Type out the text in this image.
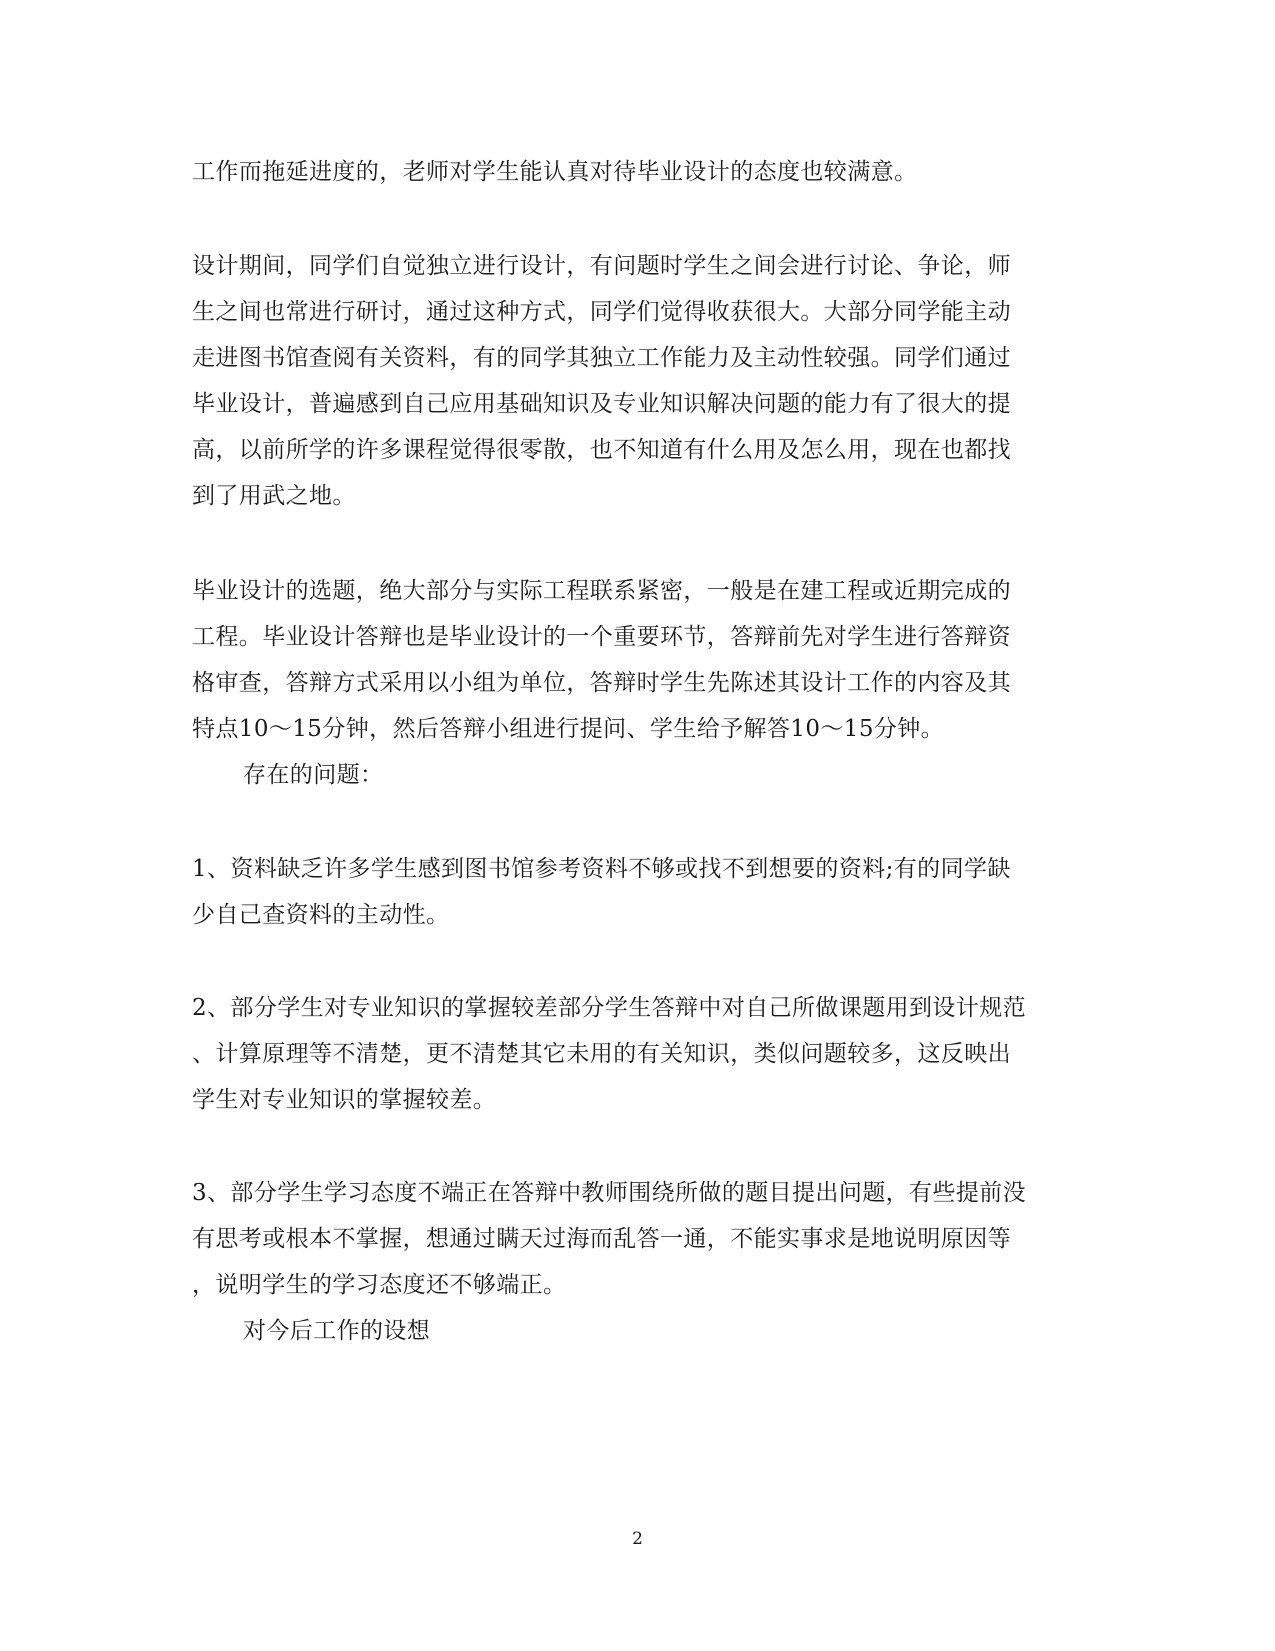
工作而拖延进度的，老师对学生能认真对待毕业设计的态度也较满意。
设计期间，同学们自觉独立进行设计，有问题时学生之间会进行讨论、争论，师
生之间也常进行研讨，通过这种方式，同学们觉得收获很大。大部分同学能主动
走进图书馆查阅有关资料，有的同学其独立工作能力及主动性较强。同学们通过
毕业设计，普遍感到自己应用基础知识及专业知识解决问题的能力有了很大的提
高，以前所学的许多课程觉得很零散，也不知道有什么用及怎么用，现在也都找
到了用武之地。
毕业设计的选题，绝大部分与实际工程联系紧密，一般是在建工程或近期完成的
工程。毕业设计答辩也是毕业设计的一个重要环节，答辩前先对学生进行答辩资
格审查，答辩方式采用以小组为单位，答辩时学生先陈述其设计工作的内容及其
特点10～15分钟，然后答辩小组进行提问、学生给予解答10～15分钟。
存在的问题：
1、资料缺乏许多学生感到图书馆参考资料不够或找不到想要的资料;有的同学缺
少自己查资料的主动性。
2、部分学生对专业知识的掌握较差部分学生答辩中对自己所做课题用到设计规范
、计算原理等不清楚，更不清楚其它未用的有关知识，类似问题较多，这反映出
学生对专业知识的掌握较差。
3、部分学生学习态度不端正在答辩中教师围绕所做的题目提出问题，有些提前没
有思考或根本不掌握，想通过瞒天过海而乱答一通，不能实事求是地说明原因等
，说明学生的学习态度还不够端正。
对今后工作的设想
2
